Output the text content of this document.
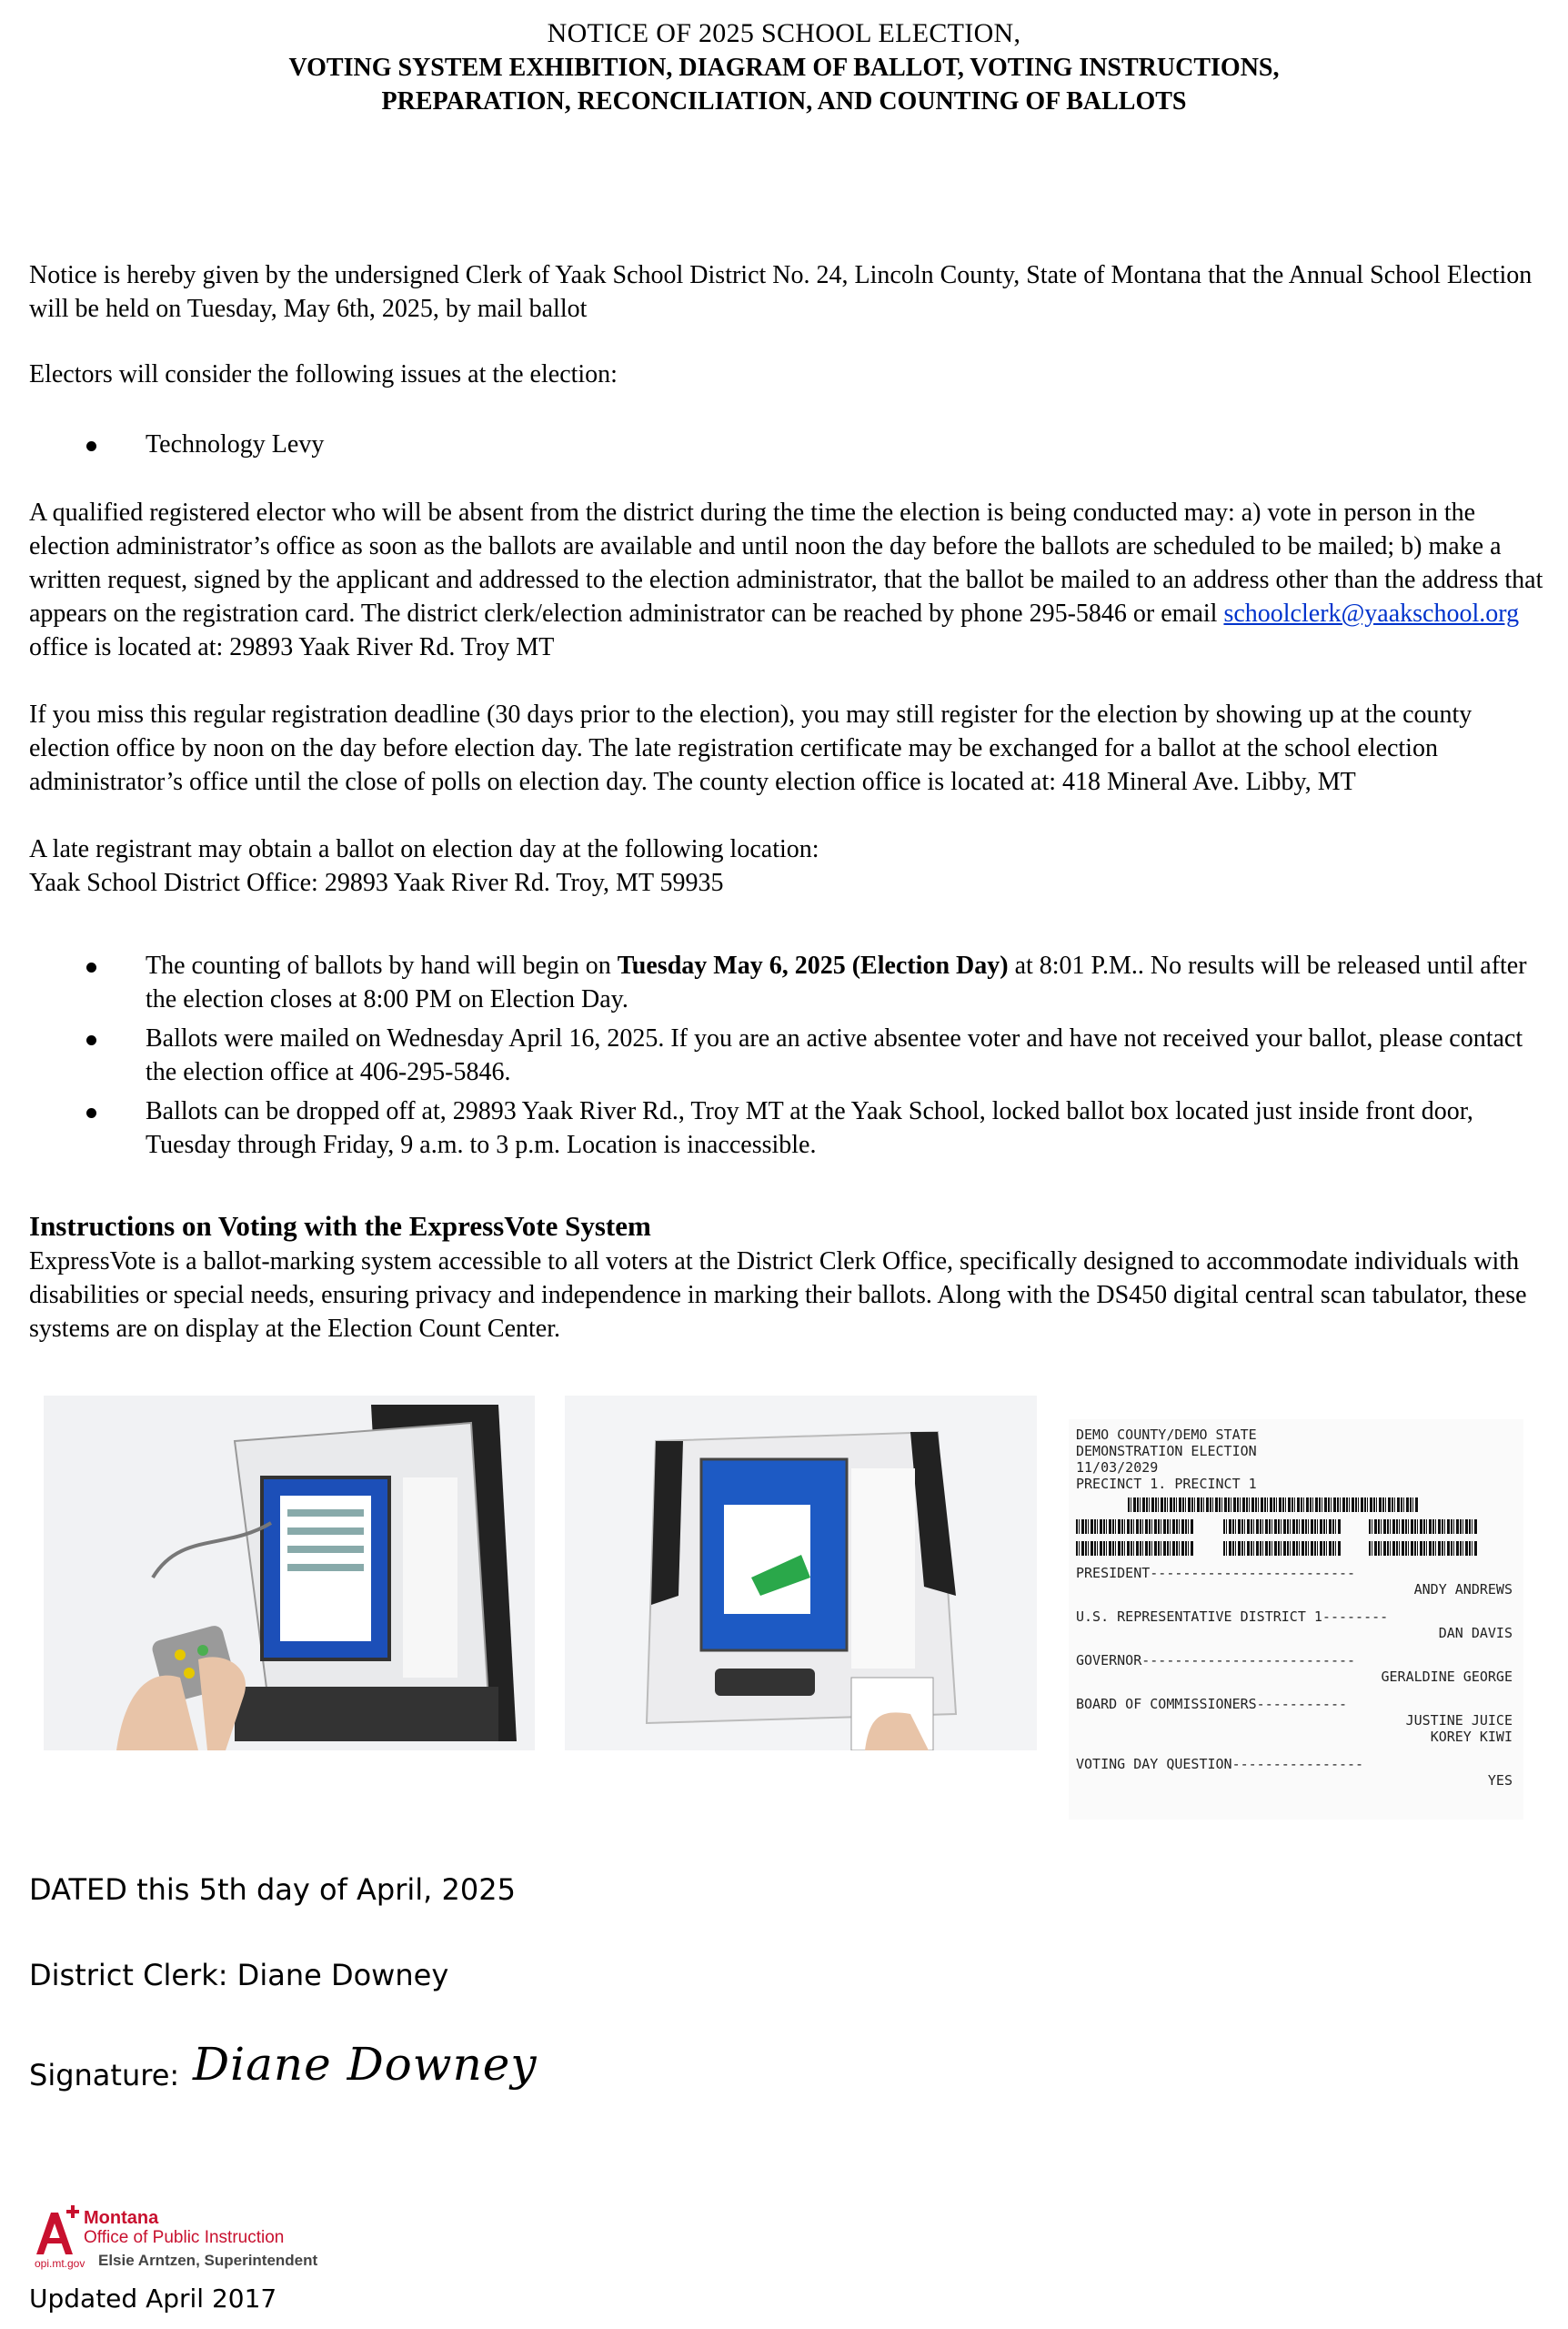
NOTICE OF 2025 SCHOOL ELECTION,
VOTING SYSTEM EXHIBITION, DIAGRAM OF BALLOT, VOTING INSTRUCTIONS,
PREPARATION, RECONCILIATION, AND COUNTING OF BALLOTS
Notice is hereby given by the undersigned Clerk of Yaak School District No. 24, Lincoln County, State of Montana that the Annual School Election will be held on Tuesday, May 6th, 2025, by mail ballot
Electors will consider the following issues at the election:
Technology Levy
A qualified registered elector who will be absent from the district during the time the election is being conducted may: a) vote in person in the election administrator’s office as soon as the ballots are available and until noon the day before the ballots are scheduled to be mailed; b) make a written request, signed by the applicant and addressed to the election administrator, that the ballot be mailed to an address other than the address that appears on the registration card. The district clerk/election administrator can be reached by phone 295-5846 or email schoolclerk@yaakschool.org office is located at: 29893 Yaak River Rd. Troy MT
If you miss this regular registration deadline (30 days prior to the election), you may still register for the election by showing up at the county election office by noon on the day before election day. The late registration certificate may be exchanged for a ballot at the school election administrator’s office until the close of polls on election day. The county election office is located at: 418 Mineral Ave. Libby, MT
A late registrant may obtain a ballot on election day at the following location:
Yaak School District Office: 29893 Yaak River Rd. Troy, MT 59935
The counting of ballots by hand will begin on Tuesday May 6, 2025 (Election Day) at 8:01 P.M.. No results will be released until after the election closes at 8:00 PM on Election Day.
Ballots were mailed on Wednesday April 16, 2025. If you are an active absentee voter and have not received your ballot, please contact the election office at 406-295-5846.
Ballots can be dropped off at, 29893 Yaak River Rd., Troy MT at the Yaak School, locked ballot box located just inside front door, Tuesday through Friday, 9 a.m. to 3 p.m. Location is inaccessible.
Instructions on Voting with the ExpressVote System
ExpressVote is a ballot-marking system accessible to all voters at the District Clerk Office, specifically designed to accommodate individuals with disabilities or special needs, ensuring privacy and independence in marking their ballots. Along with the DS450 digital central scan tabulator, these systems are on display at the Election Count Center.
DEMO COUNTY/DEMO STATE
DEMONSTRATION ELECTION
11/03/2029
PRECINCT 1. PRECINCT 1
PRESIDENT-------------------------
ANDY ANDREWS
U.S. REPRESENTATIVE DISTRICT 1--------
DAN DAVIS
GOVERNOR--------------------------
GERALDINE GEORGE
BOARD OF COMMISSIONERS-----------
JUSTINE JUICE
KOREY KIWI
VOTING DAY QUESTION----------------
YES
DATED this 5th day of April, 2025
District Clerk: Diane Downey
Signature: Diane Downey
Montana
Office of Public Instruction
opi.mt.gov Elsie Arntzen, Superintendent
Updated April 2017
